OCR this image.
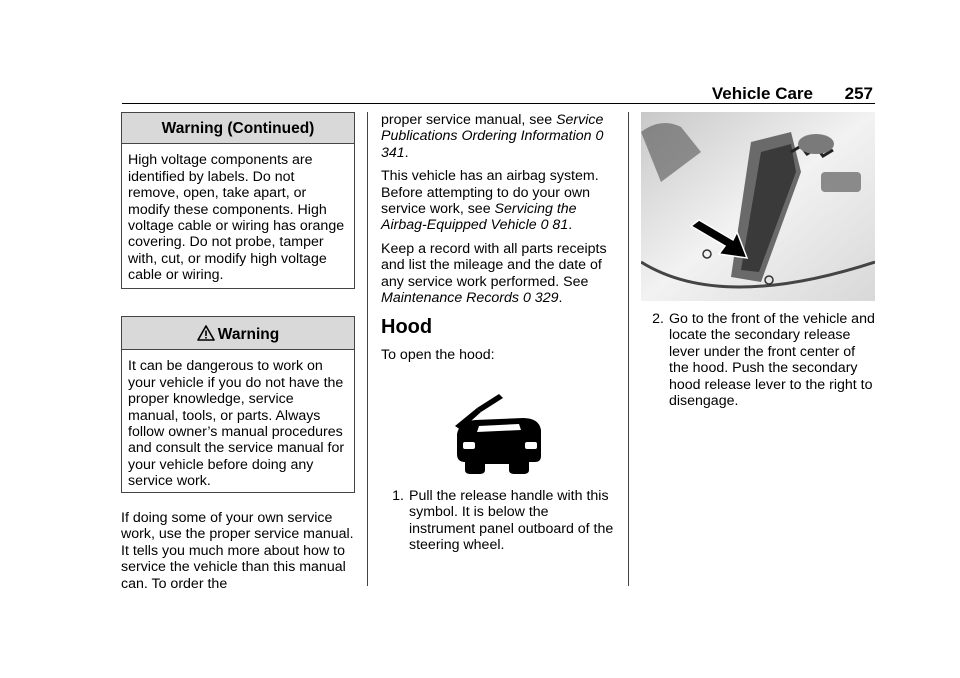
Vehicle Care 257
Warning (Continued)
High voltage components are identified by labels. Do not remove, open, take apart, or modify these components. High voltage cable or wiring has orange covering. Do not probe, tamper with, cut, or modify high voltage cable or wiring.
Warning
It can be dangerous to work on your vehicle if you do not have the proper knowledge, service manual, tools, or parts. Always follow owner’s manual procedures and consult the service manual for your vehicle before doing any service work.

If doing some of your own service work, use the proper service manual. It tells you much more about how to service the vehicle than this manual can. To order the

proper service manual, see Service Publications Ordering Information 0 341.

This vehicle has an airbag system. Before attempting to do your own service work, see Servicing the Airbag-Equipped Vehicle 0 81.

Keep a record with all parts receipts and list the mileage and the date of any service work performed. See Maintenance Records 0 329.

Hood

To open the hood:

1. Pull the release handle with this symbol. It is below the instrument panel outboard of the steering wheel.
2. Go to the front of the vehicle and locate the secondary release lever under the front center of the hood. Push the secondary hood release lever to the right to disengage.
